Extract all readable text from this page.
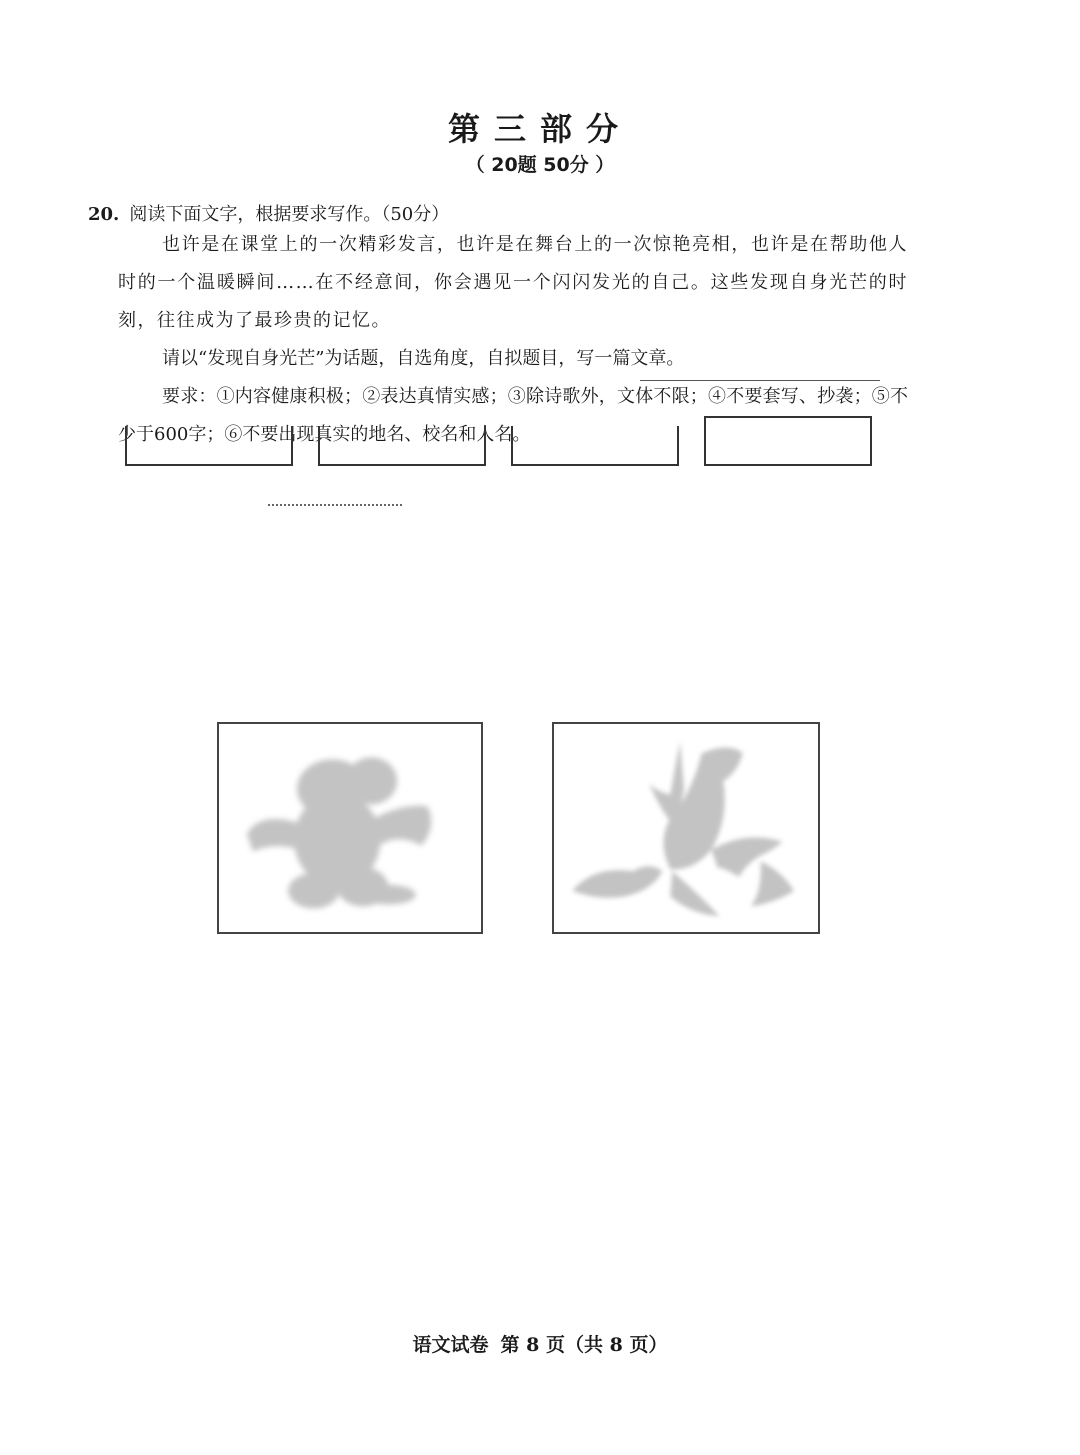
第三部分
（ 20题 50分 ）
20. 阅读下面文字，根据要求写作。（50分）

也许是在课堂上的一次精彩发言，也许是在舞台上的一次惊艳亮相，也许是在帮助他人时的一个温暖瞬间……在不经意间，你会遇见一个闪闪发光的自己。这些发现自身光芒的时刻，往往成为了最珍贵的记忆。

请以“发现自身光芒”为话题，自选角度，自拟题目，写一篇文章。

要求：①内容健康积极；②表达真情实感；③除诗歌外，文体不限；④不要套写、抄袭；⑤不少于600字；⑥不要出现真实的地名、校名和人名。

语文试卷 第 8 页（共 8 页）
